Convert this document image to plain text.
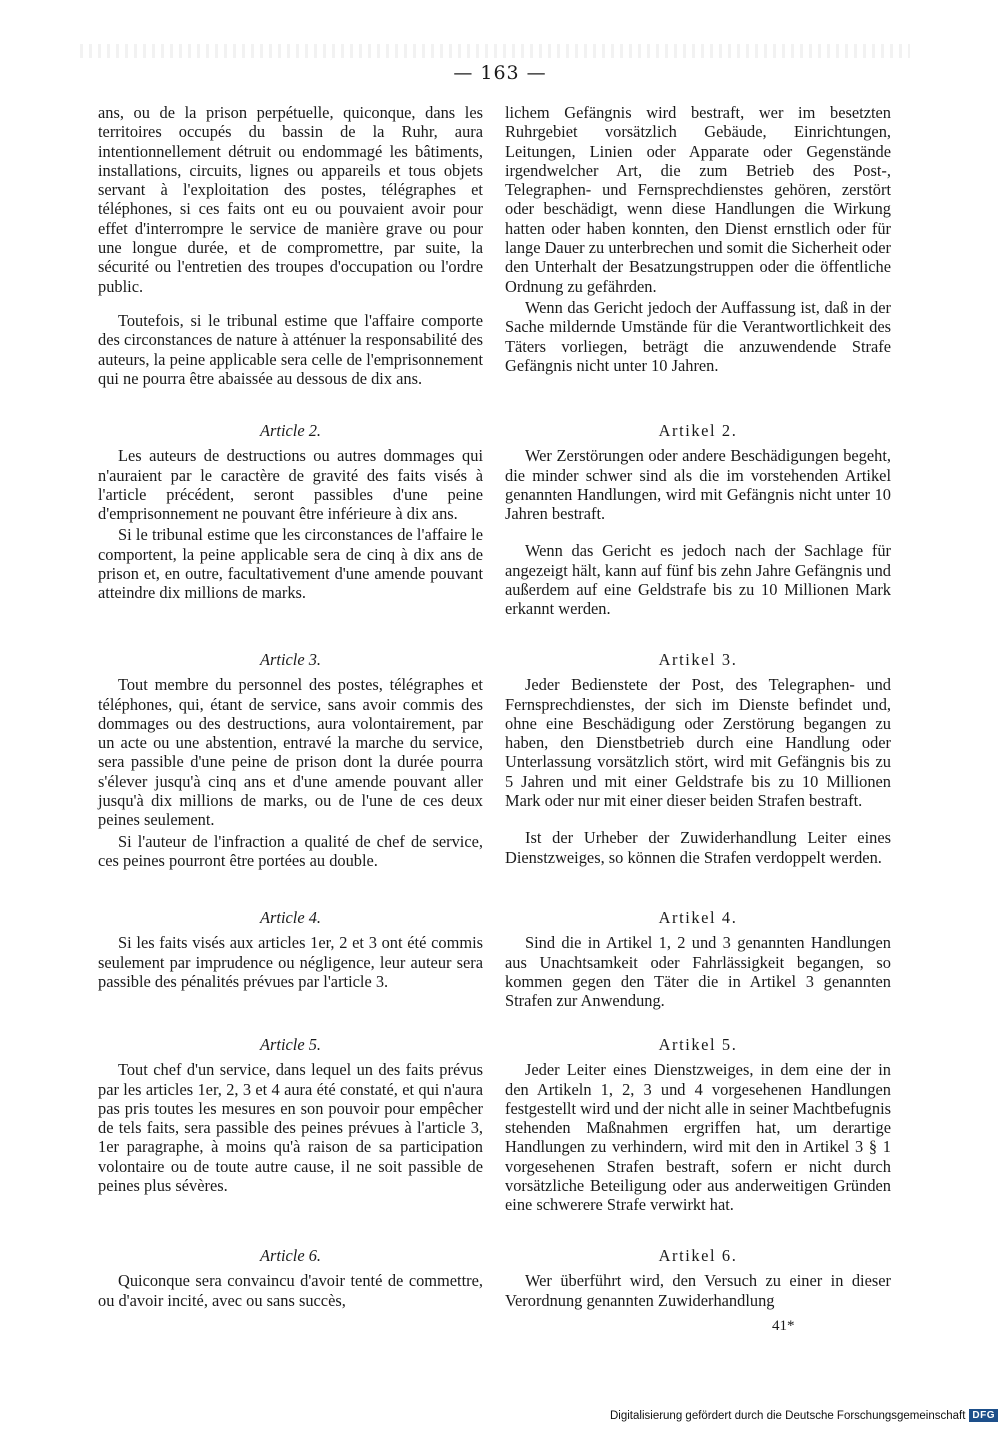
— 163 —

ans, ou de la prison perpétuelle, quiconque, dans les territoires occupés du bassin de la Ruhr, aura intentionnellement détruit ou endommagé les bâtiments, installations, circuits, lignes ou appareils et tous objets servant à l'exploitation des postes, télégraphes et téléphones, si ces faits ont eu ou pouvaient avoir pour effet d'interrompre le service de manière grave ou pour une longue durée, et de compromettre, par suite, la sécurité ou l'entretien des troupes d'occupation ou l'ordre public.

Toutefois, si le tribunal estime que l'affaire comporte des circonstances de nature à atténuer la responsabilité des auteurs, la peine applicable sera celle de l'emprisonnement qui ne pourra être abaissée au dessous de dix ans.

Article 2.

Les auteurs de destructions ou autres dommages qui n'auraient par le caractère de gravité des faits visés à l'article précédent, seront passibles d'une peine d'emprisonnement ne pouvant être inférieure à dix ans.

Si le tribunal estime que les circonstances de l'affaire le comportent, la peine applicable sera de cinq à dix ans de prison et, en outre, facultativement d'une amende pouvant atteindre dix millions de marks.

Article 3.

Tout membre du personnel des postes, télégraphes et téléphones, qui, étant de service, sans avoir commis des dommages ou des destructions, aura volontairement, par un acte ou une abstention, entravé la marche du service, sera passible d'une peine de prison dont la durée pourra s'élever jusqu'à cinq ans et d'une amende pouvant aller jusqu'à dix millions de marks, ou de l'une de ces deux peines seulement.

Si l'auteur de l'infraction a qualité de chef de service, ces peines pourront être portées au double.

Article 4.

Si les faits visés aux articles 1er, 2 et 3 ont été commis seulement par imprudence ou négligence, leur auteur sera passible des pénalités prévues par l'article 3.

Article 5.

Tout chef d'un service, dans lequel un des faits prévus par les articles 1er, 2, 3 et 4 aura été constaté, et qui n'aura pas pris toutes les mesures en son pouvoir pour empêcher de tels faits, sera passible des peines prévues à l'article 3, 1er paragraphe, à moins qu'à raison de sa participation volontaire ou de toute autre cause, il ne soit passible de peines plus sévères.

Article 6.

Quiconque sera convaincu d'avoir tenté de commettre, ou d'avoir incité, avec ou sans succès,

lichem Gefängnis wird bestraft, wer im besetzten Ruhrgebiet vorsätzlich Gebäude, Einrichtungen, Leitungen, Linien oder Apparate oder Gegenstände irgendwelcher Art, die zum Betrieb des Post-, Telegraphen- und Fernsprechdienstes gehören, zerstört oder beschädigt, wenn diese Handlungen die Wirkung hatten oder haben konnten, den Dienst ernstlich oder für lange Dauer zu unterbrechen und somit die Sicherheit oder den Unterhalt der Besatzungstruppen oder die öffentliche Ordnung zu gefährden.

Wenn das Gericht jedoch der Auffassung ist, daß in der Sache mildernde Umstände für die Verantwortlichkeit des Täters vorliegen, beträgt die anzuwendende Strafe Gefängnis nicht unter 10 Jahren.

Artikel 2.

Wer Zerstörungen oder andere Beschädigungen begeht, die minder schwer sind als die im vorstehenden Artikel genannten Handlungen, wird mit Gefängnis nicht unter 10 Jahren bestraft.

Wenn das Gericht es jedoch nach der Sachlage für angezeigt hält, kann auf fünf bis zehn Jahre Gefängnis und außerdem auf eine Geldstrafe bis zu 10 Millionen Mark erkannt werden.

Artikel 3.

Jeder Bedienstete der Post, des Telegraphen- und Fernsprechdienstes, der sich im Dienste befindet und, ohne eine Beschädigung oder Zerstörung begangen zu haben, den Dienstbetrieb durch eine Handlung oder Unterlassung vorsätzlich stört, wird mit Gefängnis bis zu 5 Jahren und mit einer Geldstrafe bis zu 10 Millionen Mark oder nur mit einer dieser beiden Strafen bestraft.

Ist der Urheber der Zuwiderhandlung Leiter eines Dienstzweiges, so können die Strafen verdoppelt werden.

Artikel 4.

Sind die in Artikel 1, 2 und 3 genannten Handlungen aus Unachtsamkeit oder Fahrlässigkeit begangen, so kommen gegen den Täter die in Artikel 3 genannten Strafen zur Anwendung.

Artikel 5.

Jeder Leiter eines Dienstzweiges, in dem eine der in den Artikeln 1, 2, 3 und 4 vorgesehenen Handlungen festgestellt wird und der nicht alle in seiner Machtbefugnis stehenden Maßnahmen ergriffen hat, um derartige Handlungen zu verhindern, wird mit den in Artikel 3 § 1 vorgesehenen Strafen bestraft, sofern er nicht durch vorsätzliche Beteiligung oder aus anderweitigen Gründen eine schwerere Strafe verwirkt hat.

Artikel 6.

Wer überführt wird, den Versuch zu einer in dieser Verordnung genannten Zuwiderhandlung

41*
Digitalisierung gefördert durch die Deutsche Forschungsgemeinschaft DFG
